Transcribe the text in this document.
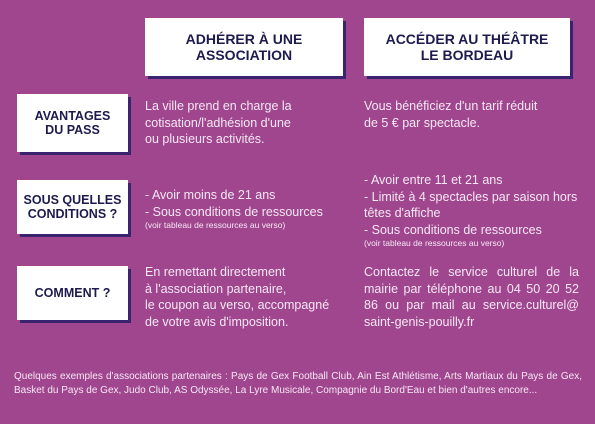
ADHÉRER À UNE ASSOCIATION
ACCÉDER AU THÉÂTRE LE BORDEAU
AVANTAGES DU PASS
La ville prend en charge la
cotisation/l'adhésion d'une
ou plusieurs activités.
Vous bénéficiez d'un tarif réduit
de 5 € par spectacle.
SOUS QUELLES CONDITIONS ?
- Avoir moins de 21 ans
- Sous conditions de ressources
(voir tableau de ressources au verso)
- Avoir entre 11 et 21 ans
- Limité à 4 spectacles par saison hors
têtes d'affiche
- Sous conditions de ressources
(voir tableau de ressources au verso)
COMMENT ?
En remettant directement
à l'association partenaire,
le coupon au verso, accompagné
de votre avis d'imposition.
Contactez le service culturel de la mairie par téléphone au 04 50 20 52 86 ou par mail au service.culturel@ saint-genis-pouilly.fr
Quelques exemples d'associations partenaires : Pays de Gex Football Club, Ain Est Athlétisme, Arts Martiaux du Pays de Gex, Basket du Pays de Gex, Judo Club, AS Odyssée, La Lyre Musicale, Compagnie du Bord'Eau et bien d'autres encore...
